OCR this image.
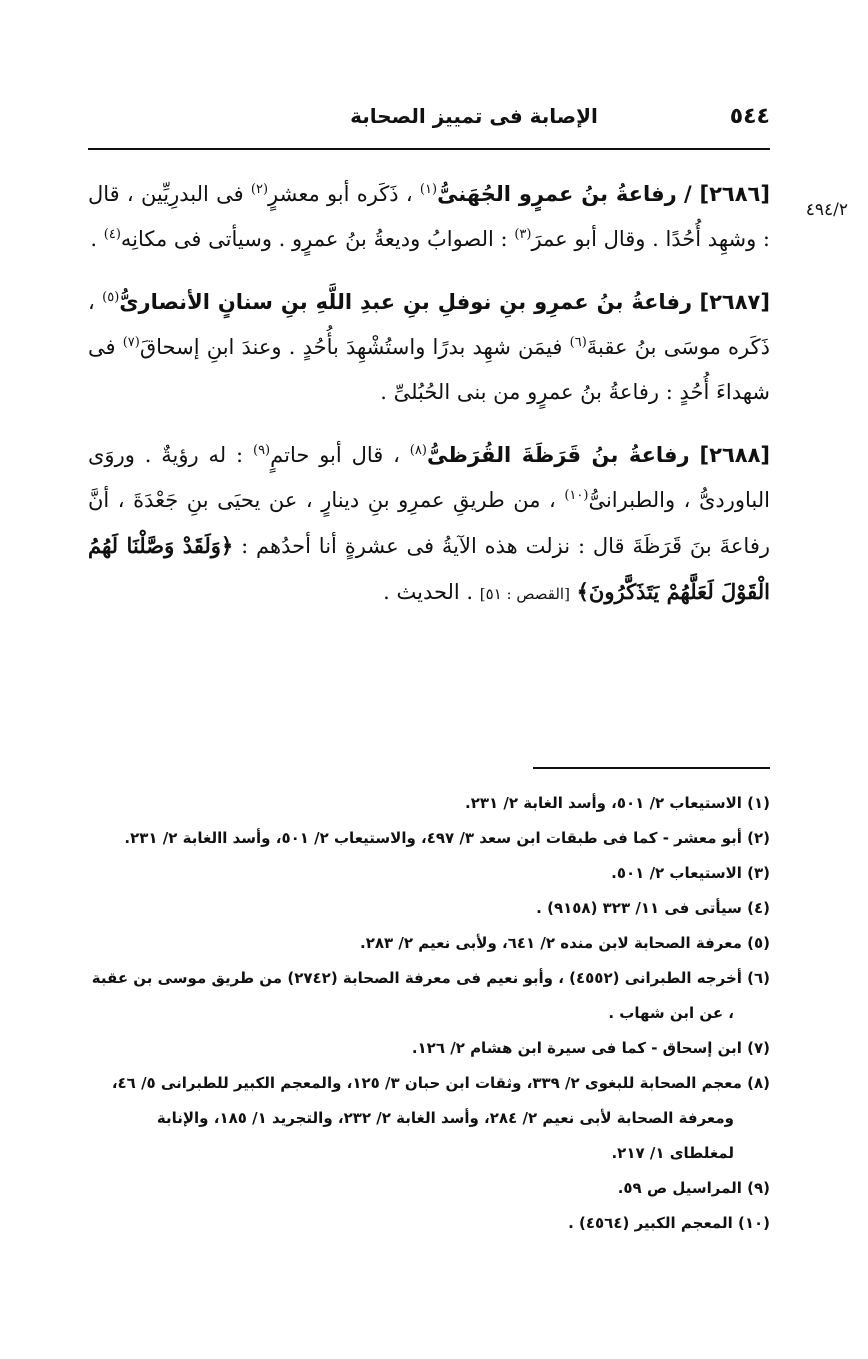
٥٤٤
الإصابة فى تمييز الصحابة
٤٩٤/٢

[٢٦٨٦] / رفاعةُ بنُ عمرٍو الجُهَنىُّ$^{(١)}$ ، ذَكَره أبو معشرٍ$^{(٢)}$ فى البدرِيِّين ، قال : وشهِد أُحُدًا . وقال أبو عمرَ$^{(٣)}$ : الصوابُ وديعةُ بنُ عمرٍو . وسيأتى فى مكانِه$^{(٤)}$ .

[٢٦٨٧] رفاعةُ بنُ عمرِو بنِ نوفلِ بنِ عبدِ اللَّهِ بنِ سنانٍ الأنصارىُّ$^{(٥)}$ ، ذَكَره موسَى بنُ عقبةَ$^{(٦)}$ فيمَن شهِد بدرًا واستُشْهِدَ بأُحُدٍ . وعندَ ابنِ إسحاقَ$^{(٧)}$ فى شهداءَ أُحُدٍ : رفاعةُ بنُ عمرٍو من بنى الحُبُلىِّ .

[٢٦٨٨] رفاعةُ بنُ قَرَظَةَ القُرَظىُّ$^{(٨)}$ ، قال أبو حاتمٍ$^{(٩)}$ : له رؤيةٌ . وروَى الباوردىُّ ، والطبرانىُّ$^{(١٠)}$ ، من طريقِ عمرِو بنِ دينارٍ ، عن يحيَى بنِ جَعْدَةَ ، أنَّ رفاعةَ بنَ قَرَظَةَ قال : نزلت هذه الآيةُ فى عشرةٍ أنا أحدُهم : ﴿وَلَقَدْ وَصَّلْنَا لَهُمُ الْقَوْلَ لَعَلَّهُمْ يَتَذَكَّرُونَ﴾ [القصص : ٥١] . الحديث .

(١) الاستيعاب ٢/ ٥٠١، وأسد الغابة ٢/ ٢٣١.
(٢) أبو معشر - كما فى طبقات ابن سعد ٣/ ٤٩٧، والاستيعاب ٢/ ٥٠١، وأسد االغابة ٢/ ٢٣١.
(٣) الاستيعاب ٢/ ٥٠١.
(٤) سيأتى فى ١١/ ٣٢٣ (٩١٥٨) .
(٥) معرفة الصحابة لابن منده ٢/ ٦٤١، ولأبى نعيم ٢/ ٢٨٣.
(٦) أخرجه الطبرانى (٤٥٥٢) ، وأبو نعيم فى معرفة الصحابة (٢٧٤٢) من طريق موسى بن عقبة ، عن ابن شهاب .
(٧) ابن إسحاق - كما فى سيرة ابن هشام ٢/ ١٢٦.
(٨) معجم الصحابة للبغوى ٢/ ٣٣٩، وثقات ابن حبان ٣/ ١٢٥، والمعجم الكبير للطبرانى ٥/ ٤٦، ومعرفة الصحابة لأبى نعيم ٢/ ٢٨٤، وأسد الغابة ٢/ ٢٣٢، والتجريد ١/ ١٨٥، والإنابة لمغلطاى ١/ ٢١٧.
(٩) المراسيل ص ٥٩.
(١٠) المعجم الكبير (٤٥٦٤) .
